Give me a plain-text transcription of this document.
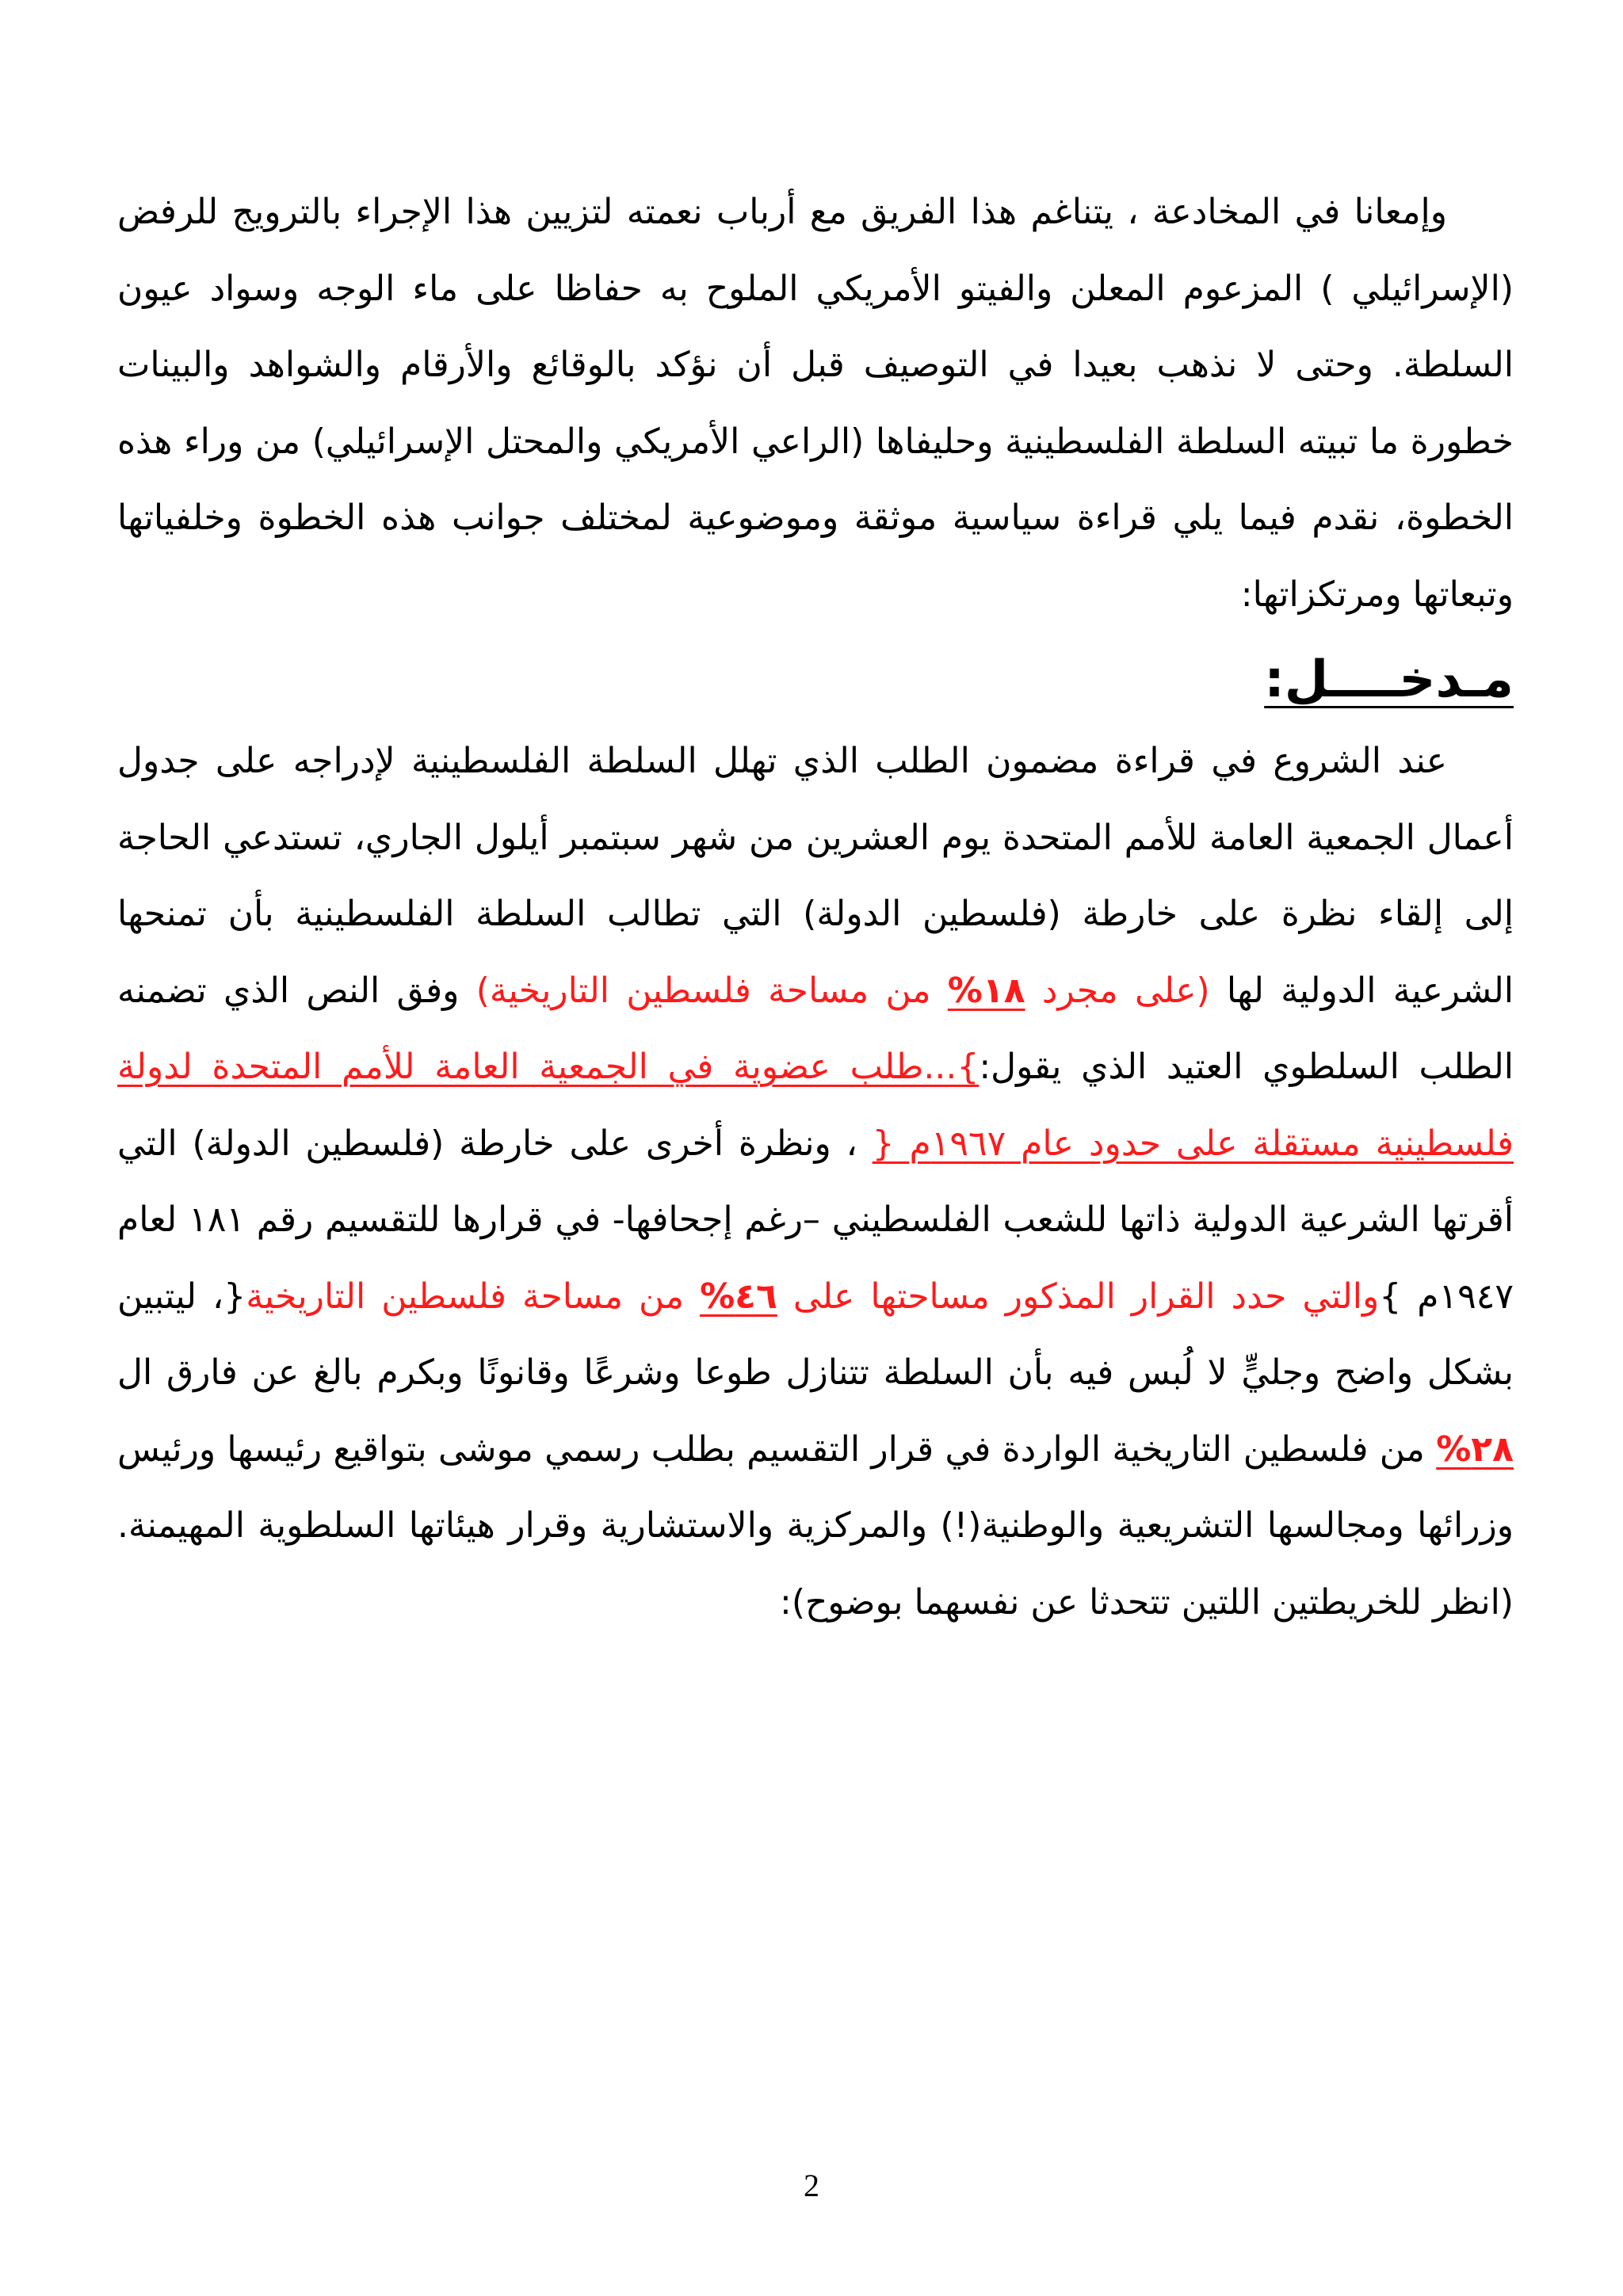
وإمعانا في المخادعة ، يتناغم هذا الفريق مع أرباب نعمته لتزيين هذا الإجراء بالترويج للرفض (الإسرائيلي ) المزعوم المعلن والفيتو الأمريكي الملوح به حفاظا على ماء الوجه وسواد عيون السلطة. وحتى لا نذهب بعيدا في التوصيف قبل أن نؤكد بالوقائع والأرقام والشواهد والبينات خطورة ما تبيته السلطة الفلسطينية وحليفاها (الراعي الأمريكي والمحتل الإسرائيلي) من وراء هذه الخطوة، نقدم فيما يلي قراءة سياسية موثقة وموضوعية لمختلف جوانب هذه الخطوة وخلفياتها وتبعاتها ومرتكزاتها:

مـدخــــل:

عند الشروع في قراءة مضمون الطلب الذي تهلل السلطة الفلسطينية لإدراجه على جدول أعمال الجمعية العامة للأمم المتحدة يوم العشرين من شهر سبتمبر أيلول الجاري، تستدعي الحاجة إلى إلقاء نظرة على خارطة (فلسطين الدولة) التي تطالب السلطة الفلسطينية بأن تمنحها الشرعية الدولية لها (على مجرد ١٨% من مساحة فلسطين التاريخية) وفق النص الذي تضمنه الطلب السلطوي العتيد الذي يقول:}...طلب عضوية في الجمعية العامة للأمم المتحدة لدولة فلسطينية مستقلة على حدود عام ١٩٦٧م { ، ونظرة أخرى على خارطة (فلسطين الدولة) التي أقرتها الشرعية الدولية ذاتها للشعب الفلسطيني –رغم إجحافها- في قرارها للتقسيم رقم ١٨١ لعام ١٩٤٧م }والتي حدد القرار المذكور مساحتها على ٤٦% من مساحة فلسطين التاريخية{، ليتبين بشكل واضح وجليٍّ لا لُبس فيه بأن السلطة تتنازل طوعا وشرعًا وقانونًا وبكرم بالغ عن فارق ال ٢٨% من فلسطين التاريخية الواردة في قرار التقسيم بطلب رسمي موشى بتواقيع رئيسها ورئيس وزرائها ومجالسها التشريعية والوطنية(!) والمركزية والاستشارية وقرار هيئاتها السلطوية المهيمنة. (انظر للخريطتين اللتين تتحدثا عن نفسهما بوضوح):

2
